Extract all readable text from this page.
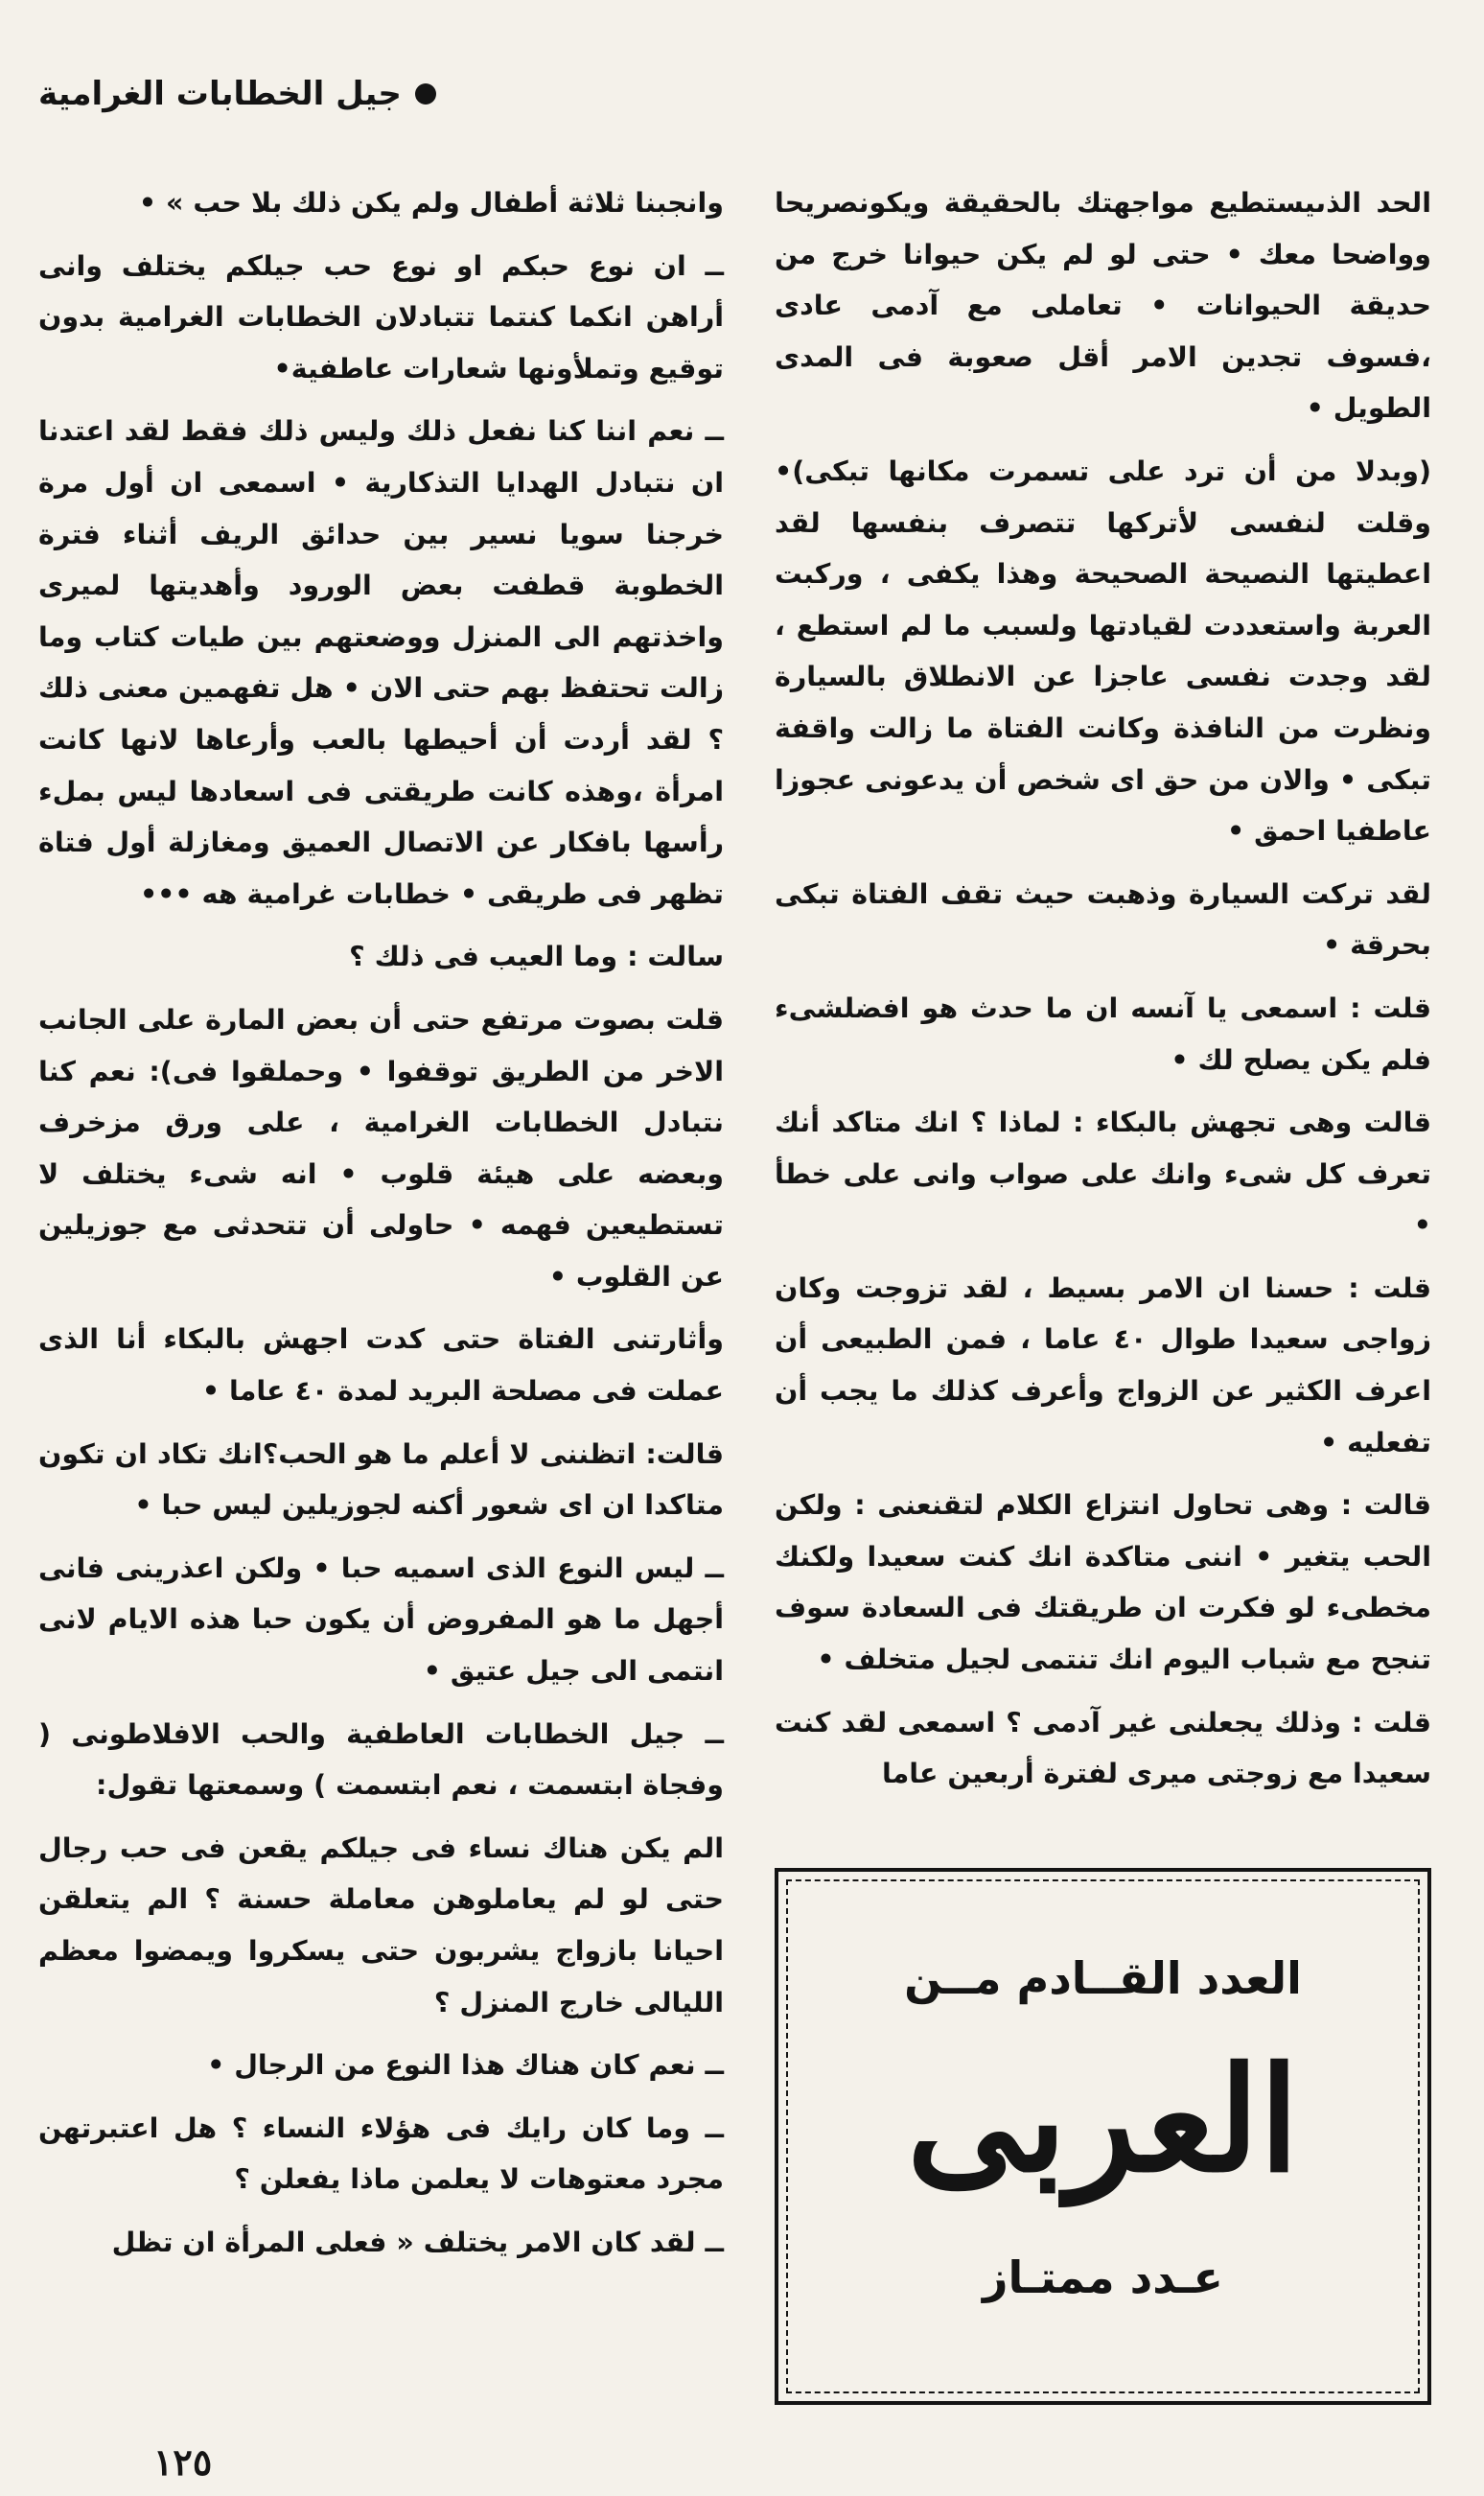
جيل الخطابات الغرامية

الحد الذىيستطيع مواجهتك بالحقيقة ويكونصريحا وواضحا معك • حتى لو لم يكن حيوانا خرج من حديقة الحيوانات • تعاملى مع آدمى عادى ،فسوف تجدين الامر أقل صعوبة فى المدى الطويل •

(وبدلا من أن ترد على تسمرت مكانها تبكى)• وقلت لنفسى لأتركها تتصرف بنفسها لقد اعطيتها النصيحة الصحيحة وهذا يكفى ، وركبت العربة واستعددت لقيادتها ولسبب ما لم استطع ، لقد وجدت نفسى عاجزا عن الانطلاق بالسيارة ونظرت من النافذة وكانت الفتاة ما زالت واقفة تبكى • والان من حق اى شخص أن يدعونى عجوزا عاطفيا احمق •

لقد تركت السيارة وذهبت حيث تقف الفتاة تبكى بحرقة •

قلت : اسمعى يا آنسه ان ما حدث هو افضلشىء فلم يكن يصلح لك •

قالت وهى تجهش بالبكاء : لماذا ؟ انك متاكد أنك تعرف كل شىء وانك على صواب وانى على خطأ •

قلت : حسنا ان الامر بسيط ، لقد تزوجت وكان زواجى سعيدا طوال ٤٠ عاما ، فمن الطبيعى أن اعرف الكثير عن الزواج وأعرف كذلك ما يجب أن تفعليه •

قالت : وهى تحاول انتزاع الكلام لتقنعنى : ولكن الحب يتغير • اننى متاكدة انك كنت سعيدا ولكنك مخطىء لو فكرت ان طريقتك فى السعادة سوف تنجح مع شباب اليوم انك تنتمى لجيل متخلف •

قلت : وذلك يجعلنى غير آدمى ؟ اسمعى لقد كنت سعيدا مع زوجتى ميرى لفترة أربعين عاما

وانجبنا ثلاثة أطفال ولم يكن ذلك بلا حب » •

ــ ان نوع حبكم او نوع حب جيلكم يختلف وانى أراهن انكما كنتما تتبادلان الخطابات الغرامية بدون توقيع وتملأونها شعارات عاطفية•

ــ نعم اننا كنا نفعل ذلك وليس ذلك فقط لقد اعتدنا ان نتبادل الهدايا التذكارية • اسمعى ان أول مرة خرجنا سويا نسير بين حدائق الريف أثناء فترة الخطوبة قطفت بعض الورود وأهديتها لميرى واخذتهم الى المنزل ووضعتهم بين طيات كتاب وما زالت تحتفظ بهم حتى الان • هل تفهمين معنى ذلك ؟ لقد أردت أن أحيطها بالعب وأرعاها لانها كانت امرأة ،وهذه كانت طريقتى فى اسعادها ليس بملء رأسها بافكار عن الاتصال العميق ومغازلة أول فتاة تظهر فى طريقى • خطابات غرامية هه •••

سالت : وما العيب فى ذلك ؟

قلت بصوت مرتفع حتى أن بعض المارة على الجانب الاخر من الطريق توقفوا • وحملقوا فى): نعم كنا نتبادل الخطابات الغرامية ، على ورق مزخرف وبعضه على هيئة قلوب • انه شىء يختلف لا تستطيعين فهمه • حاولى أن تتحدثى مع جوزيلين عن القلوب •

وأثارتنى الفتاة حتى كدت اجهش بالبكاء أنا الذى عملت فى مصلحة البريد لمدة ٤٠ عاما •

قالت: اتظننى لا أعلم ما هو الحب؟انك تكاد ان تكون متاكدا ان اى شعور أكنه لجوزيلين ليس حبا •

ــ ليس النوع الذى اسميه حبا • ولكن اعذرينى فانى أجهل ما هو المفروض أن يكون حبا هذه الايام لانى انتمى الى جيل عتيق •

ــ جيل الخطابات العاطفية والحب الافلاطونى ( وفجاة ابتسمت ، نعم ابتسمت ) وسمعتها تقول:

الم يكن هناك نساء فى جيلكم يقعن فى حب رجال حتى لو لم يعاملوهن معاملة حسنة ؟ الم يتعلقن احيانا بازواج يشربون حتى يسكروا ويمضوا معظم الليالى خارج المنزل ؟

ــ نعم كان هناك هذا النوع من الرجال •

ــ وما كان رايك فى هؤلاء النساء ؟ هل اعتبرتهن مجرد معتوهات لا يعلمن ماذا يفعلن ؟

ــ لقد كان الامر يختلف « فعلى المرأة ان تظل

العدد القــادم مــن
العربى
عـدد ممتـاز
١٢٥
